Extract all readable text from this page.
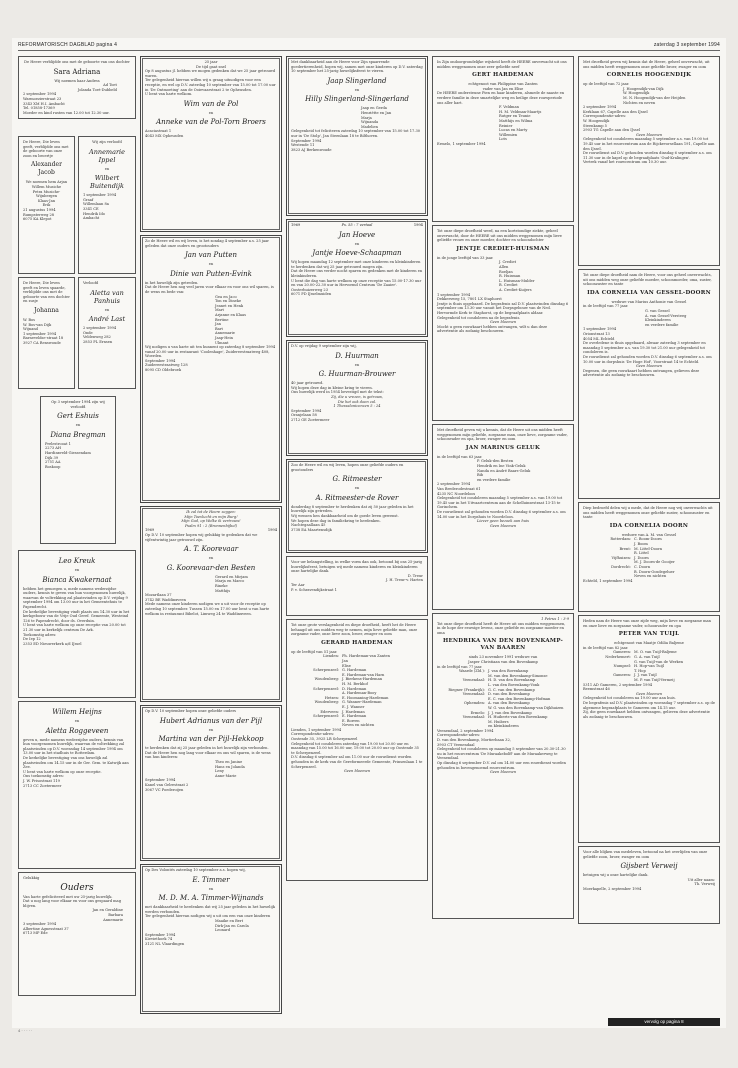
REFORMATORISCH DAGBLAD pagina 4	zaterdag 3 september 1994
De Heere verblijdde ons met de geboorte van ons dochter
Sara Adriana
Wij noemen haar Andrea
Ad Toet
Jolanda Toet-Dubbeld
2 september 1994
Warmoezierstraat 23
3343 XM H.I. Ambacht
Tel. 01858-17369
Moeder en kind rusten van 12.00 tot 12.30 uur.
De Heere, Die leven geeft, verblijdde ons met de geboorte van onze zoon en broertje
Alexander Jacob
We noemen hem Arjan
Willem Musiche
Petra Musiche-Wijnbergen
Klaas-Jan
Erik
21 augustus 1994
Rumpsterweg 28
6075 KA Klepot
De Heere, Die leven geeft en leven spaarde, verblijdde ons met de geboorte van een dochter en zusje
Johanna
W. Bos
W. Bos-van Dijk
Wijnand
1 september 1994
Barneveldse-straat 18
3927 CA Renswoude
Wij zijn verloofd
Annemarie Ippel
en
Wilbert Buitendijk
1 september 1994
Graaf
Willemlaan 8a
3341 CE
Hendrik Ido
Ambacht
Verloofd
Aletta van Panhuis
en
André Last
2 september 1994
Onde
Veldenweg 282
2853 PL Ernsen
Op 3 september 1994 zijn wij verloofd
Gert Eshuis
en
Diana Bregman
Prelestrooat 1
2273 AH
Hardinxveld-Giessendam
Dijk 39
2751 AA
Boskoop
Leo Kreuk
en
Bianca Kwakernaat
hebben het genoegen u, mede namens wederzijdse ouders, kennis te geven van hun voorgenomen huwelijk, waarvan de voltrekking zal plaatsvinden op D.V. vrijdag 9 september 1994 om 13.00 uur in het Gemeentehuis te Papendrecht.
De kerkelijke bevestiging vindt plaats om 14.30 uur in het kerkgebouw van de Vrije Oud Geref. Gemeente, Westeind 126 te Papendrecht, door ds. Overduin.
U bent van harte welkom op onze receptie van 20.00 tot 21.30 uur in kerkelijk centrum De Ark.
Toekomstig adres:
De Iep 12
2353 ED Nieuwerkerk a/d IJssel
Willem Heijns
en
Aletta Roggeveen
geven u, mede namens wederzijdse ouders, kennis van hun voorgenomen huwelijk, waarvan de voltrekking zal plaatsvinden op D.V. woensdag 14 september 1994 om 13.00 uur in het stadhuis te Rotterdam.
De kerkelijke bevestiging van ons huwelijk zal plaatsvinden om 14.15 uur in de Ger. Gem. te Katwijk aan Zee.
U bent van harte welkom op onze receptie.
Ons toekomstig adres:
J. W. Frisostraat 119
2713 CC Zoetermeer
Gelukkig
Ouders
Van harte gefeliciteerd met uw 25-jarig huwelijk.
Dat u nog lang voor elkaar en voor ons gespaard mag blijven.
Jan en Geraldine
Barbara
Annemarie
3 september 1994
Albertine Agnesstraat 37
6713 MP Ede
25 jaar
De tijd gaat snel
Op 8 augustus jl. hebben we mogen gedenken dat we 25 jaar getrouwd waren.
Ter gelegenheid hiervan willen wij u graag uitnodigen voor een receptie, en wel op D.V. zaterdag 10 september van 15.00 tot 17.00 uur in 'De Ontmoeting' aan de Ooievaarstraat 2 te Opheusden.
U bent van harte welkom.
Wim van de Pol
en
Anneke van de Pol-Torn Broers
Acaciastraat 1
4043 MX Opheusden
Zo de Heere wil en wij leven, is het zondag 4 september a.s. 25 jaar geleden dat onze ouders en grootouders
Jan van Putten
en
Dinie van Putten-Evink
in het huwelijk zijn getreden.
Dat de Heere hen nog veel jaren voor elkaar en voor ons wil sparen, is de wens en bede van:
Gea en Jaco
Ton en Dineke
Jeanet en Henk
Mart
Arjanne en Klaas
Bertine
Jan
Bart
Annemarie
Jaap-Hein
Ulmant
Wij nodigen u van harte uit ten hunnent op zaterdag 8 september 1994 vanaf 20.00 uur in restaurant 'Coolenhage', Zuidereestraatweg 408, Woerden.
September 1994
Zuidereestraatweg 128
8095 CD Oldebroek
Ik zal tot de Heere zeggen:
Mijn Toevlucht en mijn Burg!
Mijn God, op Welke ik vertrouw!
Psalm 91 : 2 (Bronnenbijbel)
1969	1994
Op D.V. 10 september hopen wij gelukkig te gedenken dat we vijfentwintig jaar getrouwd zijn.
A. T. Koorevaar
en
G. Koorevaar-den Besten
Gerard en Mirjam
Marja en Marco
Rineke
Matthijs
Mozartlaan 37
3742 BE Waddinxveen
Mede namens onze kinderen nodigen we u uit voor de receptie op zaterdag 10 september. Tussen 15.00 en 17.00 uur bent u van harte welkom in restaurant Bibelot, Limweg 24 te Waddinxveen.
Op D.V. 10 september hopen onze geliefde ouders
Hubert Adrianus van der Pijl
en
Martina van der Pijl-Hekkoop
te herdenken dat zij 25 jaar geleden in het huwelijk zijn verbonden.
Dat de Heere hen nog lang voor elkaar en ons wil sparen, is de wens van hun kinderen:
Theo en Janine
Hans en Jolanda
Leny
Anne-Marie
September 1994
Kanel van Gelrestraat 2
3067 VC Poederoijen
Op Des Volontés zaterdag 10 september a.s. hopen wij,
E. Timmer
en
M. D. M. A. Timmer-Wijnands
met dankbaarheid te herdenken dat wij 25 jaar geleden in het huwelijk werden verbonden.
Ter gelegenheid hiervan nodigen wij u uit om een van onze kinderen
Maaike en Bert
Dirk-Jan en Carola
Leonard
September 1994
Kieviethoek 74
3121 NL Vlaardingen
Met dankbaarheid aan de Heere voor Zijn spaarrende goedertierenheid, hopen wij, samen met onze kinderen op D.V. zaterdag 10 september het 25-jarig huwelijksfeest te vieren.
Jaap Slingerland
en
Hilly Slingerland-Slingerland
Jaap en Gerda
Henriëtte en Jan
Marja
Wijnanda
Madelien
Gelegenheid tot feliciteren zaterdag 10 september van 15.00 tot 17.30 uur in 'De Stolp', Jan Steenlaan 18 te Bilthoven.
September 1994
Westende 11
3823 AJ Berkenwoude
1969	Ps. 55 : 7 vertaal	1994
Jan Hoeve
en
Jantje Hoeve-Schaapman
Wij hopen maandag 12 september met onze kinderen en kleinkinderen te herdenken dat wij 25 jaar getrouwd mogen zijn.
Dat de Heere ons verder nocht sparen en gedenken met de kinderen en kleinkinderen.
U bent die dag van harte welkom op onze receptie van 15.00-17.30 uur en van 20.00-22.30 uur in Hervormd Centrum 'De Zaaier'.
Oosterhuizerweg 23
6071 PD IJsselmuiden
D.V. op vrijdag 9 september zijn wij,
D. Huurman
en
G. Huurman-Brouwer
40 jaar getrouwd.
Wij hopen deze dag in kleine kring te vieren.
Ons huwelijk werd in 1954 bevestigd met de tekst:
Zij, die u vrezen, is getrouw,
Die het ook doen zal.
1 Thessalonicenzen 5 : 24
September 1994
Oranjelaan 58
2712 GE Zoetermeer
Zoo de Heere wil en wij leven, hopen onze geliefde ouders en grootouders
G. Ritmeester
en
A. Ritmeester-de Rover
donderdag 8 september te herdenken dat zij 50 jaar geleden in het huwelijk zijn getreden.
Wij wensen hen dankbaarheid om de goede leven gewenst.
We hopen deze dag in familiekring te herdenken.
Nachtegaallaan 45
3738 EA Maartensdijk
Voor uw belangstelling, in welke vorm dan ook, betoond bij ons 25-jarig huwelijksfeest, betuigen wij mede namens kinderen en kleinkinderen onze hartelijke dank.
D. Treur
J. H. Treur-v. Harten
Ter Aar
P. v. Schravendijkstraat 1
Tot onze grote verslagenheid en diepe droefheid, heeft het de Heere behaagd uit ons midden weg te nemen, mijn lieve geliefde man, onze zorgzame vader, onze lieve zoon, broer, zwager en oom
GERARD HARDEMAN
op de leeftijd van 51 jaar.
Lienden: Ph. Hardeman-van Zanten
Jan
Elise
Scherpenzeel: G. Hardeman
E. Hardeman-van Harn
Woudenberg: J. Bierkens-Hardeman
H. M. Berkhof
Scherpenzeel: D. Hardeman
A. Hardeman-Booy
Hetzen: E. Hoomaning-Hardeman
Woudenberg: G. Wanner-Hardeman
E. J. Wanner
Ederveen: J. Hardeman
Scherpenzeel: E. Hardeman
E. Borren
Neven en nichten
Lienden, 1 september 1994
Correspondentie-adres:
Oostende 35, 3925 LB Scherpenzeel
Gelegenheid tot condoleren zaterdag van 19.00 tot 20.00 uur en maandag van 15.00 tot 16.00 uur, 19.00 tot 20.00 uur op Oostende 35 te Scherpenzeel.
D.V. dinsdag 6 september zal om 11.00 uur de rouwdienst worden gehouden in de kerk van de Gereformeerde Gemeente, Prinsenlaan 1 te Scherpenzeel.
Geen bloemen
In Zijn ondoorgrondelijke wijsheid heeft de HEERE onverwacht uit ons midden weggenomen onze zeer geliefde neef
GERT HARDEMAN
echtgenoot van Philippine van Zanten
vader van Jan en Elise
De HEERE ondersteune Pien en haar kinderen, alsmede de naaste en verdere familie in deze smartelijke weg en heilige deze rouwperiode ons aller hart.
F. Veldman
H. M. Veldman-Maartjs
Rutger en Teunie
Matthijs en Wilma
Reinier
Lucas en Marty
Willemien
Lots
Ermelo, 1 september 1994
Tot onze diepe droefheid werd, na een kortstondige ziekte, geheel onverwacht, door de HEERE uit ons midden weggenomen mijn lieve geliefde vrouw en onze moeder, dochter en schoondochter
JENTJE CREDIET-HUISMAN
in de jonge leeftijd van 33 jaar.
J. Crediet
Allen
Roeljan
R. Huisman
L. Huisman-Mulder
B. Crediet
A. Crediet-Kuijers
1 september 1994
Dekkersweg 15, 7801 LX Staphorst
Jentje is thuis opgebaard. De begrafenis zal D.V. plaatsvinden dinsdag 6 september om 13.30 uur vanuit het Dorpsgebouw van de Ned. Hervormde Kerk te Staphorst, op de begraafplaats aldaar.
Gelegenheid tot condoleren na de begrafenis.
Geen bloemen
Mocht u geen rouwkaart hebben ontvangen, wilt u dan deze advertentie als zodanig beschouwen.
Met droefheid geven wij u kennis, dat de Heere uit ons midden heeft weggenomen mijn geliefde, zorgzame man, onze lieve, zorgzame vader, schoonvader en opa, broer, zwager en oom
JAN MARINUS GELUK
in de leeftijd van 63 jaar.
P. Geluk-den Besten
Hendrik en Ine Vink-Geluk
Nanda en André Baars-Geluk
Bib
en verdere familie
2 september 1994
Van Brederodestraat 61
4235 NC Noordeloos
Gelegenheid tot condoleren maandag 5 september a.s. van 19.00 tot 19.45 uur in het Uitvaartcentrum aan de Schelluinsestraat 13-15 te Gorinchem.
De rouwdienst zal gehouden worden D.V. dinsdag 6 september a.s. om 14.00 uur in het Dorpshuis te Noordeloos.
Liever geen bezoek aan huis
Geen bloemen
1 Petrus 1 : 3-9
Tot onze diepe droefheid heeft de Heere uit ons midden weggenomen, in de hope der eeuwige levens, onze geliefde en zorgzame moeder en oma
HENDRIKA VAN DEN BOVENKAMP-VAN BAAREN
sinds 23 november 1991 weduwe van
Jasper Christiaan van den Bovenkamp
in de leeftijd van 77 jaar.
Waarde (Zld.): J. van den Bovenkamp
M. van den Bovenkamp-Simonse
Veenendaal: H. D. van den Bovenkamp
L. van den Bovenkamp-Vonk
Riegner (Frankrijk): G. C. van den Bovenkamp
Veenendaal: D. van den Bovenkamp
E. C. van den Bovenkamp-Hofman
Ophemden: A. van den Bovenkamp
W. G. van den Bovenkamp-van Dijkhuizen
Ermelo: J. J. van den Bovenkamp
Veenendaal: H. Huiberts-van den Bovenkamp
M. Huibers
en kleinkinderen
Veenendaal, 2 september 1994
Correspondentie-adres:
D. van den Bovenkamp, Mortierbaan 32,
3903 CT Veenendaal
Gelegenheid tot condoleren op maandag 5 september van 20.30-21.30 uu in het rouwcentrum 'De Muraakebolff' aan de Muraakerweg te Veenendaal.
Op dinsdag 6 september D.V. zal om 14.00 uur een rouwdienst worden gehouden in bovengenoemd rouwcentrum.
Geen bloemen
Met droefheid geven wij kennis dat de Heere, geheel onverwacht, uit ons midden heeft weggenomen onze geliefde broer, zwager en oom
CORNELIS HOOGENDIJK
op de leeftijd van 72 jaar.
J. Hoogendijk-van Dijk
W. Hoogendijk
M. N. Hoogendijk-van der Heijden
Nichten en neven
2 september 1994
Kerklaan 67, Capelle aan den IJssel
Correspondentie-adres:
W. Hoogendijk
Steenkamp 5
2903 TG Capelle aan den IJssel
Geen bloemen
Gelegenheid tot condoleren maandag 5 september a.s. van 19.00 tot 19.45 uur in het rouwcentrum aan de Rijckevorsellaan 191, Capelle aan den IJssel.
De rouwdienst zal D.V. gehouden worden dinsdag 6 september a.s. om 11.30 uur in de kapel op de begraafplaats 'Oud-Kralingen'.
Vertrek vanaf het rouwcentrum om 10.30 uur.
Tot onze diepe droefheid nam de Heere, voor ons geheel onverwachts, uit ons midden weg onze geliefde moeder, schoonmoeder, oma, zuster, schoonzuster en tante
IDA CORNELIA VAN GESSEL-DOORN
weduwe van Marius Anthonie van Gessel
in de leeftijd van 77 jaar.
G. van Gessel
A. van Gessel-Versteeg
Kleinkinderen
en verdere familie
1 september 1994
Orionstraat 13
4054 ML Echteld
De overledene is thuis opgebaard, alwaar zaterdag 3 september en maandag 5 september a.s. van 19.30 tot 21.00 uur gelegenheid tot condoleren is.
De rouwdienst zal gehouden worden D.V. dinsdag 6 september a.s. om 10.00 uur in dorpshuis 'De Hoge Hof', Voorstraat 14 te Echteld.
Geen bloemen
Degenen, die geen rouwkaart hebben ontvangen, gelieven deze advertentie als zodanig te beschouwen.
Diep bedroefd delen wij u mede, dat de Heere nog vrij onverwachts uit ons midden heeft weggenomen onze geliefde zuster, schoonzuster en tante
IDA CORNELIA DOORN
weduwe van A. M. van Gessel
Rotterdam: C. Boom-Doorn
J. Boom
Brent: M. Littel-Doorn
R. Littel
Vijfhuizen: J. Doorn
M. J. Doorn-de Gooijer
Dordrecht: C. Doorn
B. Doorn-Oosdegeluer
Neven en nichten
Echteld, 1 september 1994
Heden nam de Heere van onze zijde weg, mijn lieve en zorgzame man en onze lieve en zorgzame vader, schoonvader en opa
PETER VAN TUIJL
echtgenoot van Maatje Odilia Baljeme
in de leeftijd van 82 jaar.
Gameren: M. O. van Tuijl-Baljeme
Nederhemert: G. A. van Tuijl
G. van Tuijl-van de Werken
Numpsel: H. Hop-van Tuijl
T. Hop
Gameren: J. J. van Tuijl
M. P. van Tuijl-Vermeij
5311 AD Gameren, 2 september 1994
Beemstraat 46
Geen bloemen
Gelegenheid tot condoleren na 19.00 uur aan huis.
De begrafenis zal D.V. plaatsvinden op woensdag 7 september a.s. op de algemene begraafplaats te Gameren om 14.15 uur.
Zij, die geen rouwkaart hebben ontvangen, gelieven deze advertentie als zodanig te beschouwen.
Voor alle blijken van medeleven, betoond na het overlijden van onze geliefde zoon, broer, zwager en oom
Gijsbert Verweij
betuigen wij u onze hartelijke dank.
Uit aller naam:
Th. Verweij
Moerkapelle, 2 september 1994
vervolg op pagina 8
4 · · · · ·
